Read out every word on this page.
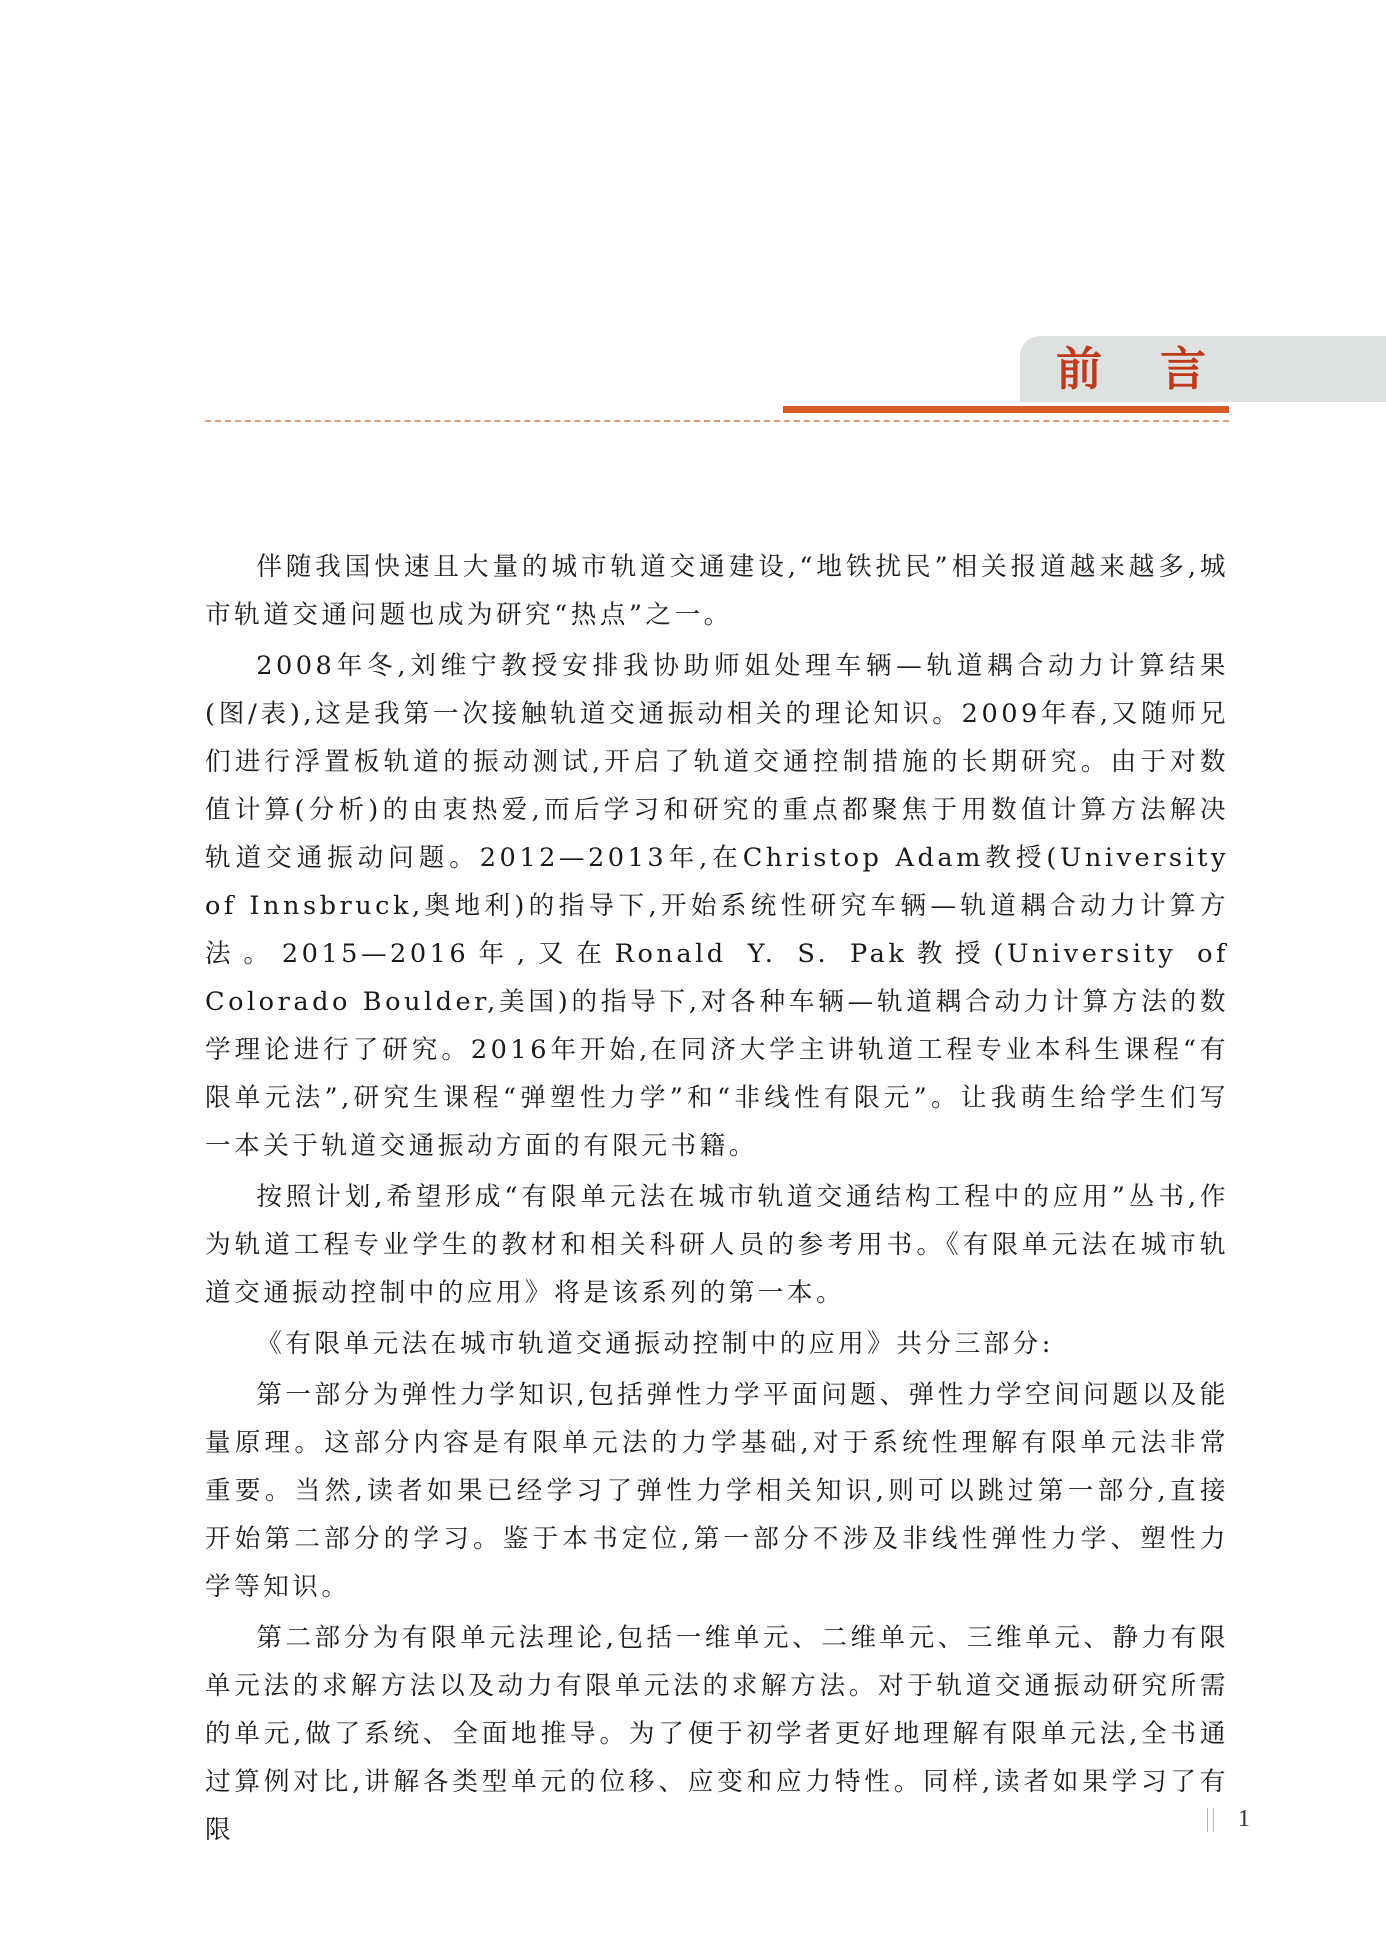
前言

伴随我国快速且大量的城市轨道交通建设,“地铁扰民”相关报道越来越多,城市轨道交通问题也成为研究“热点”之一。

2008年冬,刘维宁教授安排我协助师姐处理车辆—轨道耦合动力计算结果(图/表),这是我第一次接触轨道交通振动相关的理论知识。2009年春,又随师兄们进行浮置板轨道的振动测试,开启了轨道交通控制措施的长期研究。由于对数值计算(分析)的由衷热爱,而后学习和研究的重点都聚焦于用数值计算方法解决轨道交通振动问题。2012—2013年,在Christop Adam教授(University of Innsbruck,奥地利)的指导下,开始系统性研究车辆—轨道耦合动力计算方法。2015—2016年,又在Ronald Y. S. Pak教授(University of Colorado Boulder,美国)的指导下,对各种车辆—轨道耦合动力计算方法的数学理论进行了研究。2016年开始,在同济大学主讲轨道工程专业本科生课程“有限单元法”,研究生课程“弹塑性力学”和“非线性有限元”。让我萌生给学生们写一本关于轨道交通振动方面的有限元书籍。

按照计划,希望形成“有限单元法在城市轨道交通结构工程中的应用”丛书,作为轨道工程专业学生的教材和相关科研人员的参考用书。《有限单元法在城市轨道交通振动控制中的应用》将是该系列的第一本。

《有限单元法在城市轨道交通振动控制中的应用》共分三部分:

第一部分为弹性力学知识,包括弹性力学平面问题、弹性力学空间问题以及能量原理。这部分内容是有限单元法的力学基础,对于系统性理解有限单元法非常重要。当然,读者如果已经学习了弹性力学相关知识,则可以跳过第一部分,直接开始第二部分的学习。鉴于本书定位,第一部分不涉及非线性弹性力学、塑性力学等知识。

第二部分为有限单元法理论,包括一维单元、二维单元、三维单元、静力有限单元法的求解方法以及动力有限单元法的求解方法。对于轨道交通振动研究所需的单元,做了系统、全面地推导。为了便于初学者更好地理解有限单元法,全书通过算例对比,讲解各类型单元的位移、应变和应力特性。同样,读者如果学习了有限	1
